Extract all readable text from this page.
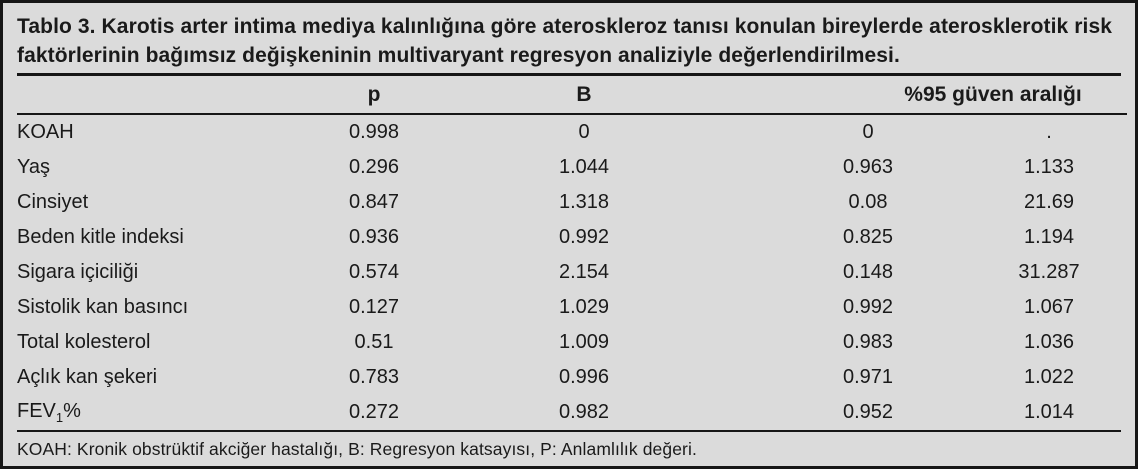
Tablo 3. Karotis arter intima mediya kalınlığına göre ateroskleroz tanısı konulan bireylerde aterosklerotik risk faktörlerinin bağımsız değişkeninin multivaryant regresyon analiziyle değerlendirilmesi.
	p	B	%95 güven aralığı	
KOAH	0.998	0	0	.
Yaş	0.296	1.044	0.963	1.133
Cinsiyet	0.847	1.318	0.08	21.69
Beden kitle indeksi	0.936	0.992	0.825	1.194
Sigara içiciliği	0.574	2.154	0.148	31.287
Sistolik kan basıncı	0.127	1.029	0.992	1.067
Total kolesterol	0.51	1.009	0.983	1.036
Açlık kan şekeri	0.783	0.996	0.971	1.022
$FEV_1\%$	0.272	0.982	0.952	1.014
KOAH: Kronik obstrüktif akciğer hastalığı, B: Regresyon katsayısı, P: Anlamlılık değeri.
